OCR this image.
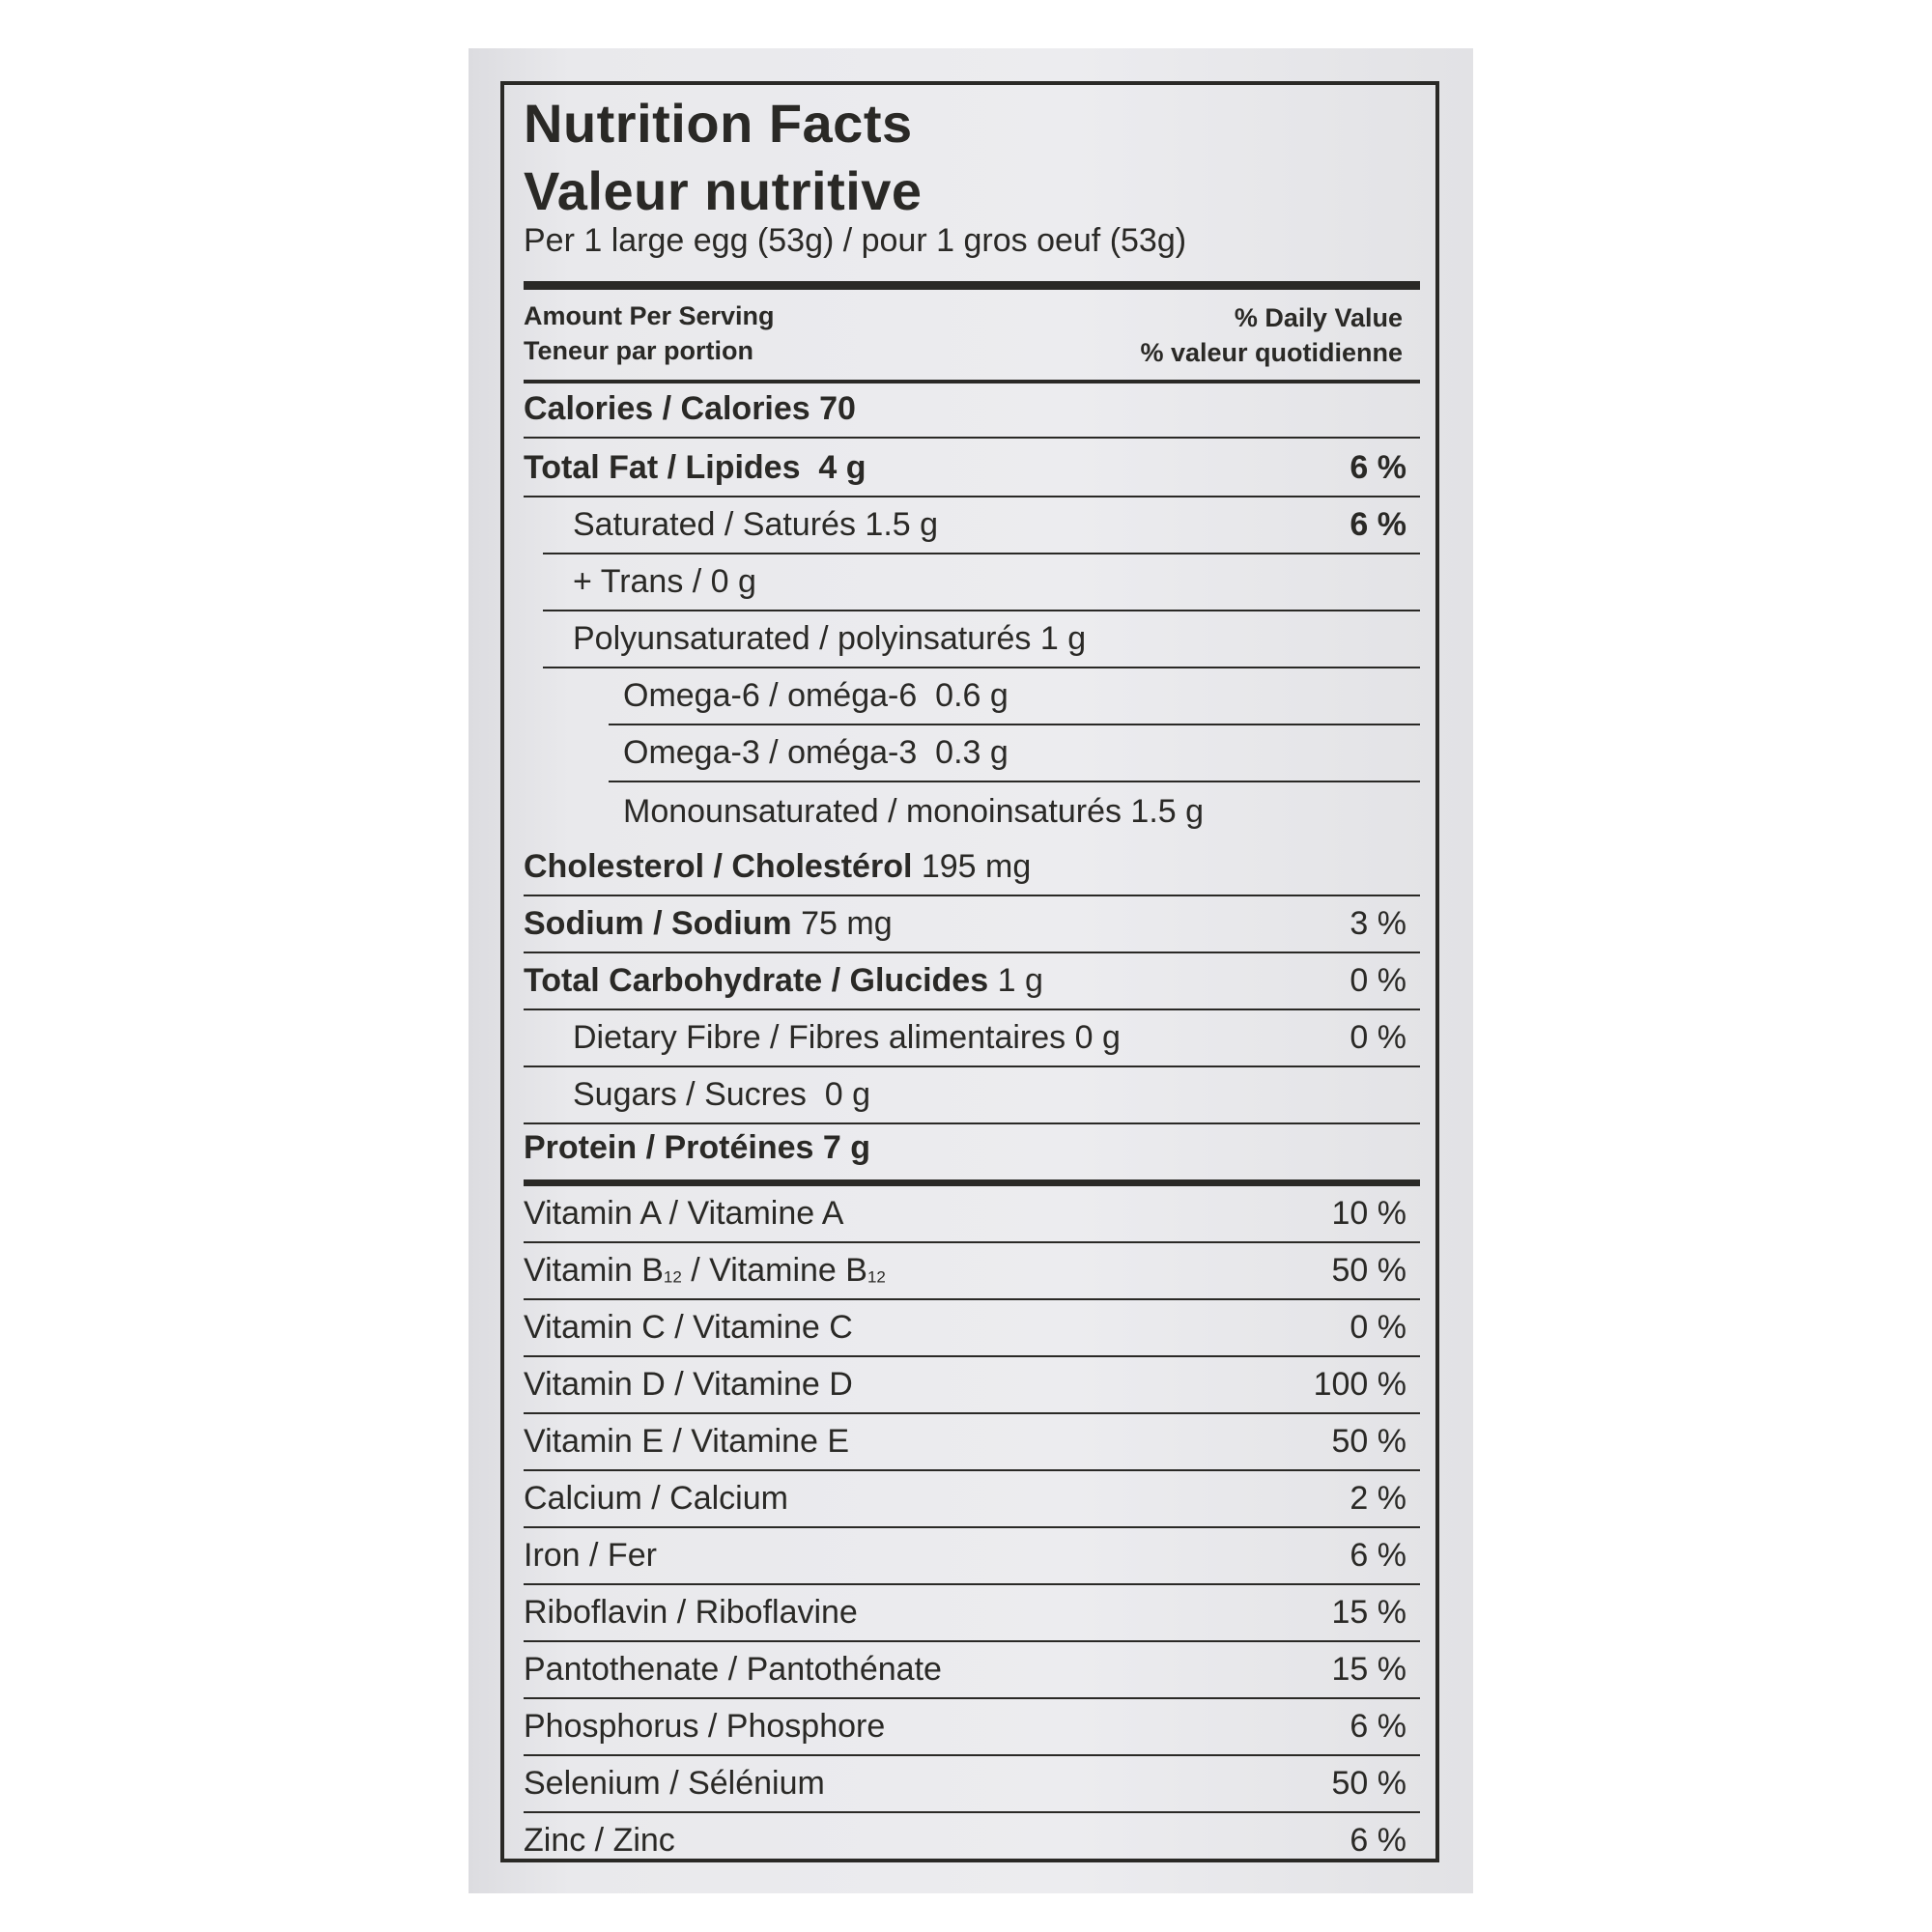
Nutrition Facts
Valeur nutritive
Per 1 large egg (53g) / pour 1 gros oeuf (53g)
Amount Per Serving
Teneur par portion
% Daily Value
% valeur quotidienne
Calories / Calories 70
Total Fat / Lipides 4 g	6 %
Saturated / Saturés 1.5 g	6 %
+ Trans / 0 g
Polyunsaturated / polyinsaturés 1 g
Omega-6 / oméga-6 0.6 g
Omega-3 / oméga-3 0.3 g
Monounsaturated / monoinsaturés 1.5 g
Cholesterol / Cholestérol 195 mg
Sodium / Sodium 75 mg	3 %
Total Carbohydrate / Glucides 1 g	0 %
Dietary Fibre / Fibres alimentaires 0 g	0 %
Sugars / Sucres 0 g
Protein / Protéines 7 g
Vitamin A / Vitamine A	10 %
Vitamin $B_{12}$ / Vitamine $B_{12}$	50 %
Vitamin C / Vitamine C	0 %
Vitamin D / Vitamine D	100 %
Vitamin E / Vitamine E	50 %
Calcium / Calcium	2 %
Iron / Fer	6 %
Riboflavin / Riboflavine	15 %
Pantothenate / Pantothénate	15 %
Phosphorus / Phosphore	6 %
Selenium / Sélénium	50 %
Zinc / Zinc	6 %
